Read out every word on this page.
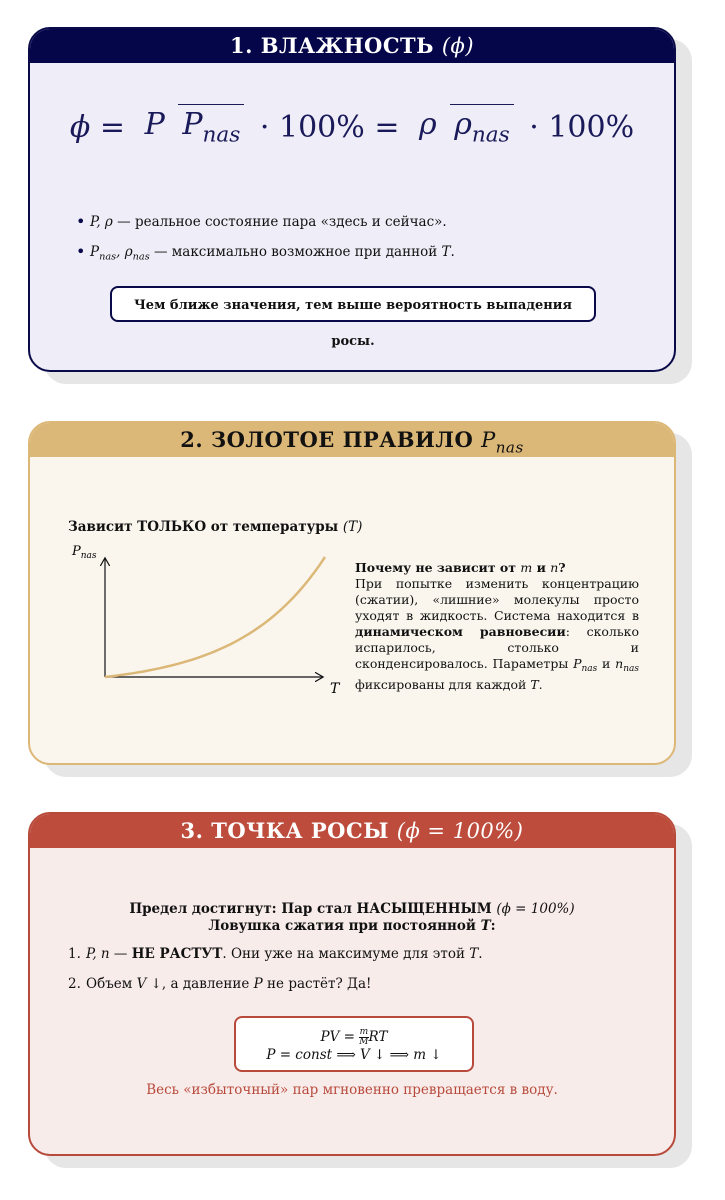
1. ВЛАЖНОСТЬ (ϕ)
ϕ = P $P_{nas} \cdot 100\% = \rho$ $\rho_{nas} \cdot 100\%$
• P, ρ — реальное состояние пара «здесь и сейчас».
• $P_{nas}$, $\rho_{nas}$ — максимально возможное при данной T.
Чем ближе значения, тем выше вероятность выпадения росы.
2. ЗОЛОТОЕ ПРАВИЛО $P_{nas}$
Зависит ТОЛЬКО от температуры (T)
$P_{nas}$
T
Почему не зависит от m и n?

При попытке изменить концентрацию (сжатии), «лишние» молекулы просто уходят в жидкость. Система находится в динамическом равновесии: сколько испарилось, столько и сконденсировалось. Параметры $P_{nas}$ и $n_{nas}$ фиксированы для каждой T.

3. ТОЧКА РОСЫ (ϕ = 100%)
Предел достигнут: Пар стал НАСЫЩЕННЫМ (ϕ = 100%)
Ловушка сжатия при постоянной T:
1. P, n — НЕ РАСТУТ. Они уже на максимуме для этой T.
2. Объем V ↓, а давление P не растёт? Да!
PV = $\frac{m}{M}$ RT
P = const ⟹ V ↓ ⟹ m ↓
Весь «избыточный» пар мгновенно превращается в воду.
